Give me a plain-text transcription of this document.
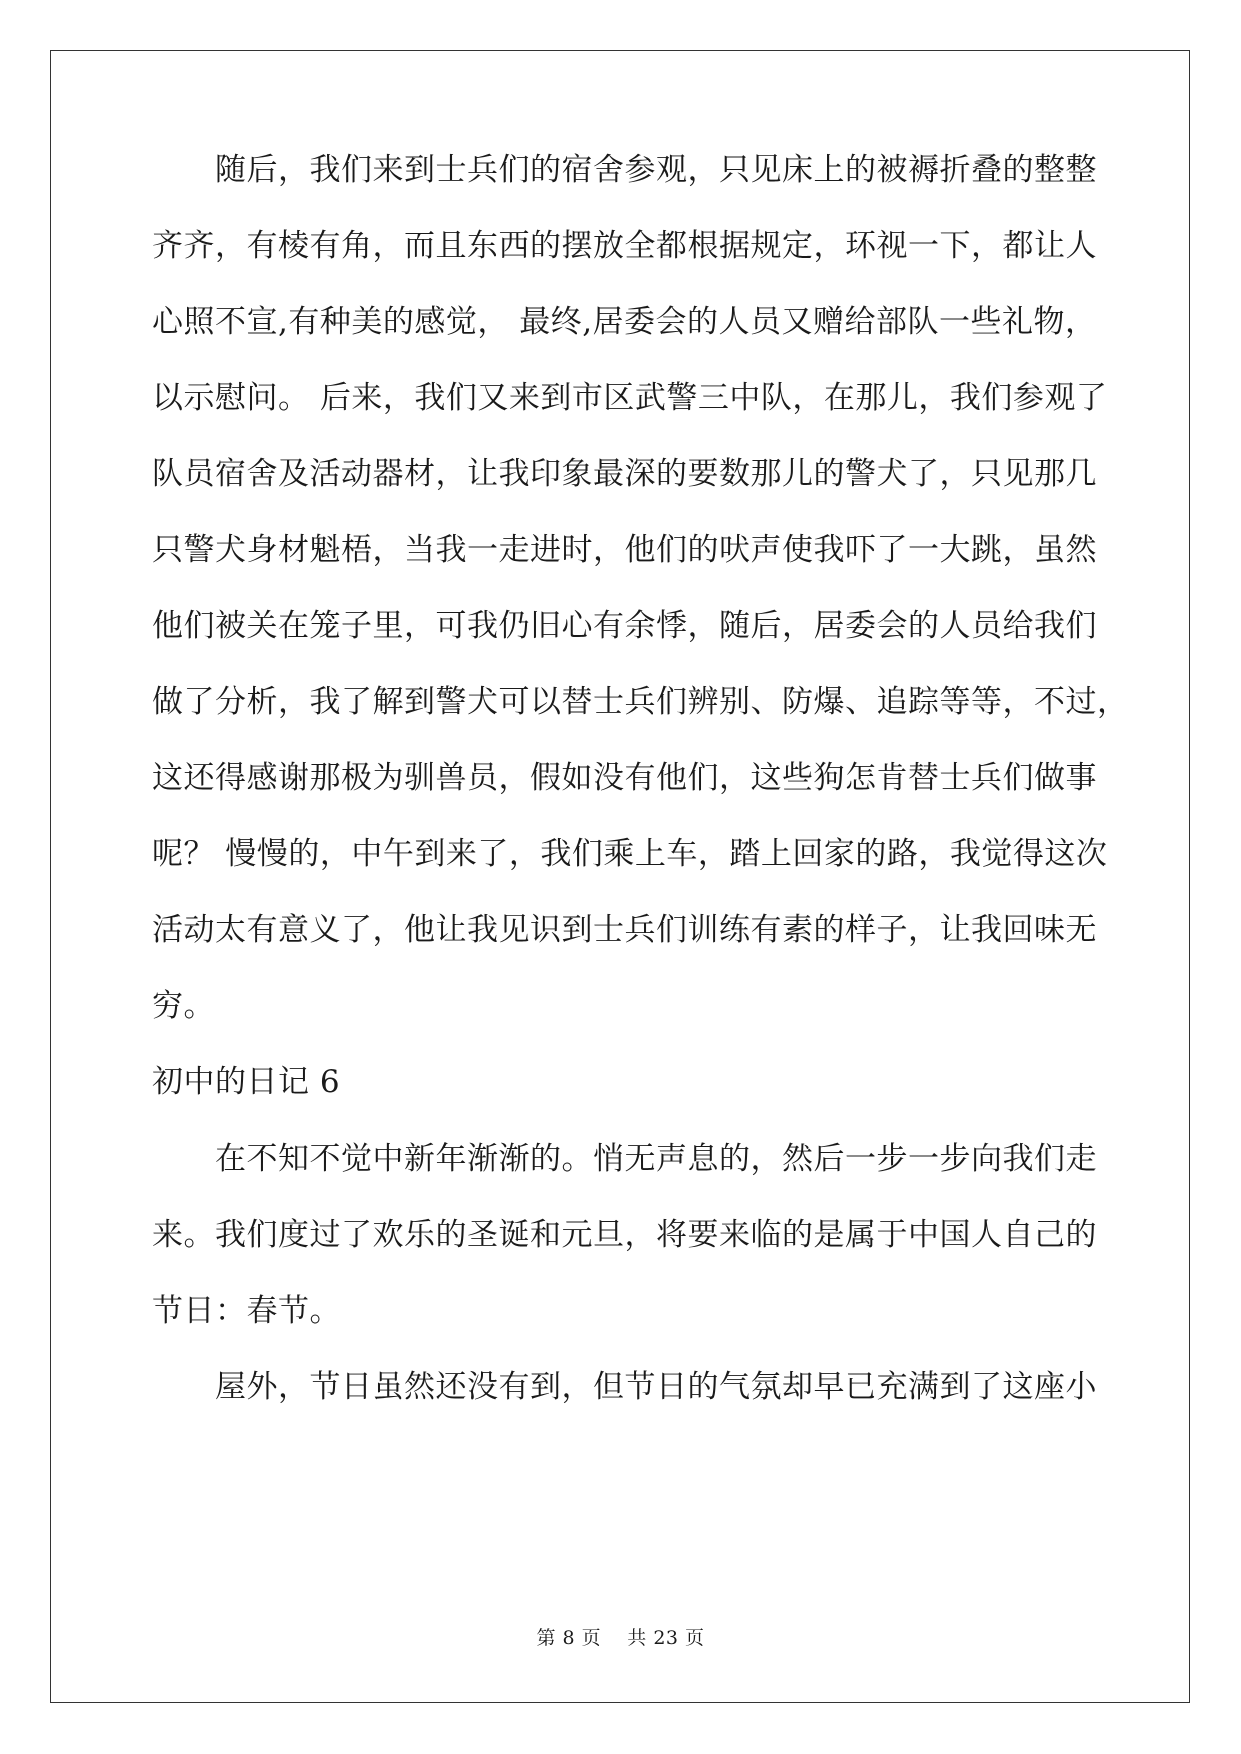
　　随后，我们来到士兵们的宿舍参观，只见床上的被褥折叠的整整
齐齐，有棱有角，而且东西的摆放全都根据规定，环视一下，都让人
心照不宣,有种美的感觉， 最终,居委会的人员又赠给部队一些礼物，
以示慰问。 后来，我们又来到市区武警三中队，在那儿，我们参观了
队员宿舍及活动器材，让我印象最深的要数那儿的警犬了，只见那几
只警犬身材魁梧，当我一走进时，他们的吠声使我吓了一大跳，虽然
他们被关在笼子里，可我仍旧心有余悸，随后，居委会的人员给我们
做了分析，我了解到警犬可以替士兵们辨别、防爆、追踪等等，不过，
这还得感谢那极为驯兽员，假如没有他们，这些狗怎肯替士兵们做事
呢？ 慢慢的，中午到来了，我们乘上车，踏上回家的路，我觉得这次
活动太有意义了，他让我见识到士兵们训练有素的样子，让我回味无
穷。
初中的日记 6
　　在不知不觉中新年渐渐的。悄无声息的，然后一步一步向我们走
来。我们度过了欢乐的圣诞和元旦，将要来临的是属于中国人自己的
节日：春节。
　　屋外，节日虽然还没有到，但节日的气氛却早已充满到了这座小
第 8 页    共 23 页
